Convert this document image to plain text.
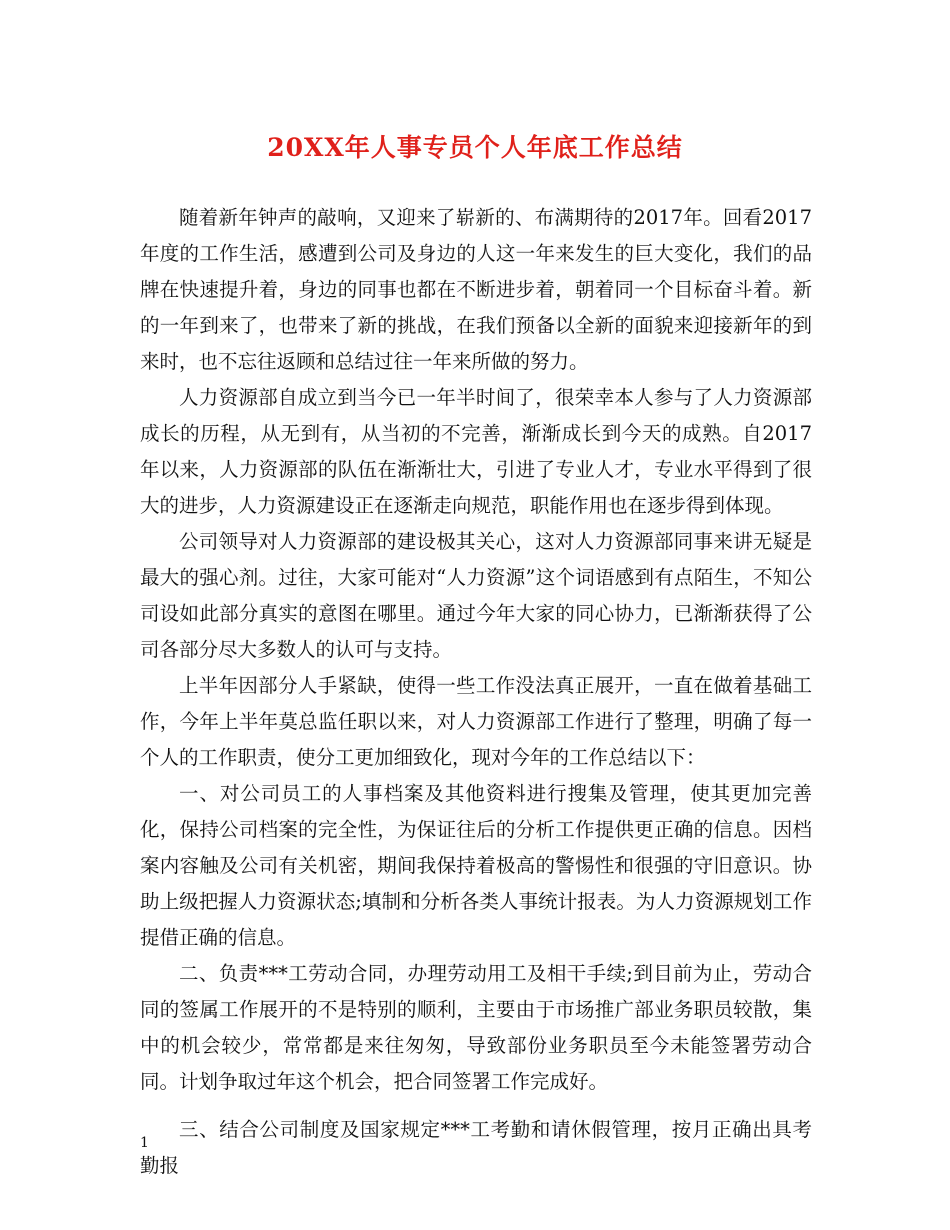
20XX年人事专员个人年底工作总结

随着新年钟声的敲响，又迎来了崭新的、布满期待的2017年。回看2017年度的工作生活，感遭到公司及身边的人这一年来发生的巨大变化，我们的品牌在快速提升着，身边的同事也都在不断进步着，朝着同一个目标奋斗着。新的一年到来了，也带来了新的挑战，在我们预备以全新的面貌来迎接新年的到来时，也不忘往返顾和总结过往一年来所做的努力。

人力资源部自成立到当今已一年半时间了，很荣幸本人参与了人力资源部成长的历程，从无到有，从当初的不完善，渐渐成长到今天的成熟。自2017年以来，人力资源部的队伍在渐渐壮大，引进了专业人才，专业水平得到了很大的进步，人力资源建设正在逐渐走向规范，职能作用也在逐步得到体现。

公司领导对人力资源部的建设极其关心，这对人力资源部同事来讲无疑是最大的强心剂。过往，大家可能对“人力资源”这个词语感到有点陌生，不知公司设如此部分真实的意图在哪里。通过今年大家的同心协力，已渐渐获得了公司各部分尽大多数人的认可与支持。

上半年因部分人手紧缺，使得一些工作没法真正展开，一直在做着基础工作，今年上半年莫总监任职以来，对人力资源部工作进行了整理，明确了每一个人的工作职责，使分工更加细致化，现对今年的工作总结以下：

一、对公司员工的人事档案及其他资料进行搜集及管理，使其更加完善化，保持公司档案的完全性，为保证往后的分析工作提供更正确的信息。因档案内容触及公司有关机密，期间我保持着极高的警惕性和很强的守旧意识。协助上级把握人力资源状态;填制和分析各类人事统计报表。为人力资源规划工作提借正确的信息。

二、负责***工劳动合同，办理劳动用工及相干手续;到目前为止，劳动合同的签属工作展开的不是特别的顺利，主要由于市场推广部业务职员较散，集中的机会较少，常常都是来往匆匆，导致部份业务职员至今未能签署劳动合同。计划争取过年这个机会，把合同签署工作完成好。

三、结合公司制度及国家规定***工考勤和请休假管理，按月正确出具考勤报

1
